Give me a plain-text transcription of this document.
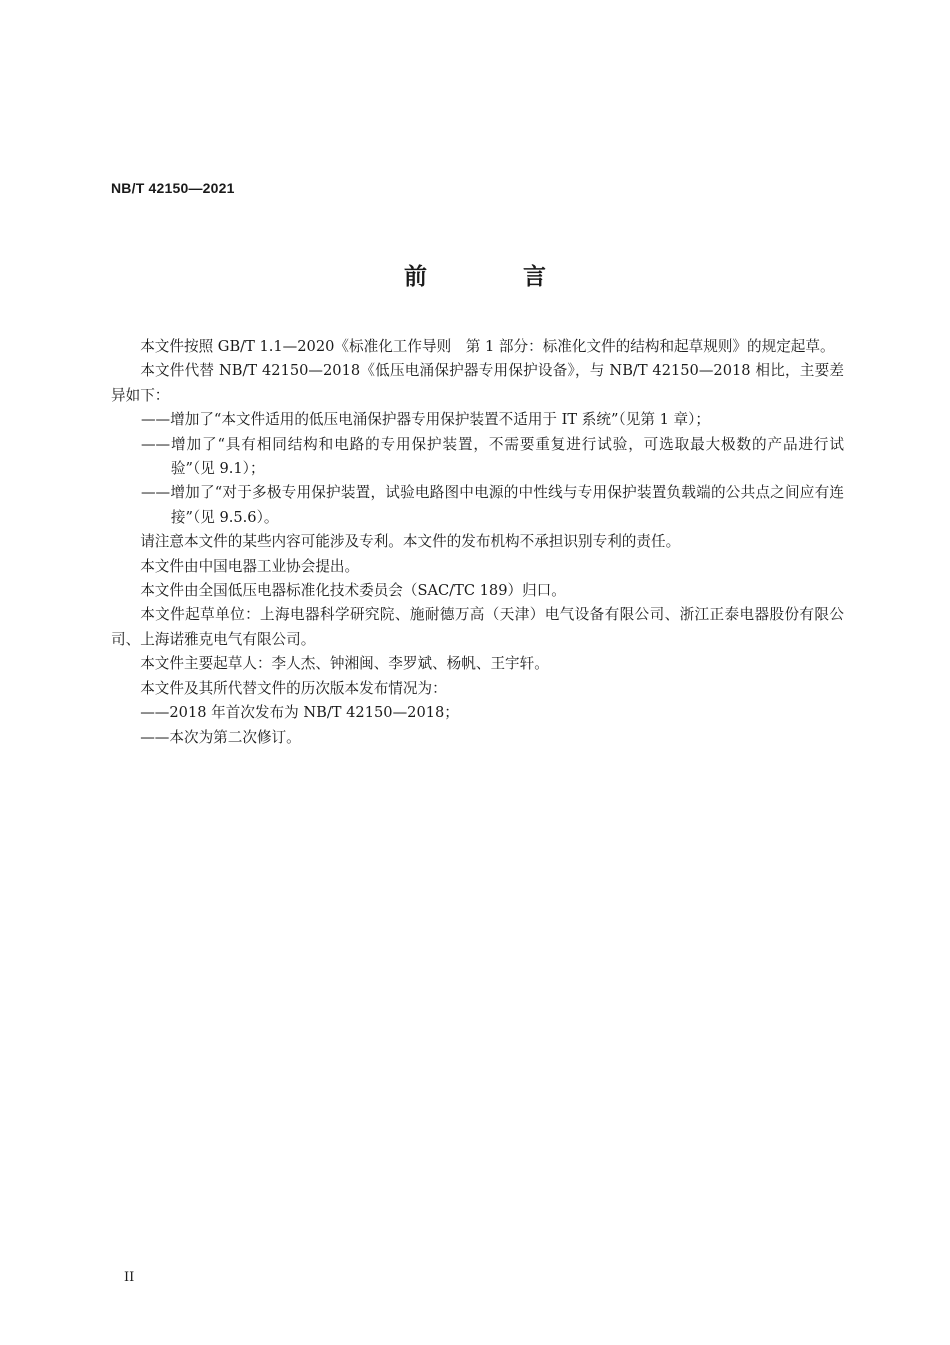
NB/T 42150—2021
前 言

本文件按照 GB/T 1.1—2020《标准化工作导则　第 1 部分：标准化文件的结构和起草规则》的规定起草。

本文件代替 NB/T 42150—2018《低压电涌保护器专用保护设备》，与 NB/T 42150—2018 相比，主要差异如下：

——增加了“本文件适用的低压电涌保护器专用保护装置不适用于 IT 系统”（见第 1 章）；

——增加了“具有相同结构和电路的专用保护装置，不需要重复进行试验，可选取最大极数的产品进行试验”（见 9.1）；

——增加了“对于多极专用保护装置，试验电路图中电源的中性线与专用保护装置负载端的公共点之间应有连接”（见 9.5.6）。

请注意本文件的某些内容可能涉及专利。本文件的发布机构不承担识别专利的责任。

本文件由中国电器工业协会提出。

本文件由全国低压电器标准化技术委员会（SAC/TC 189）归口。

本文件起草单位：上海电器科学研究院、施耐德万高（天津）电气设备有限公司、浙江正泰电器股份有限公司、上海诺雅克电气有限公司。

本文件主要起草人：李人杰、钟湘闽、李罗斌、杨帆、王宇轩。

本文件及其所代替文件的历次版本发布情况为：

——2018 年首次发布为 NB/T 42150—2018；

——本次为第二次修订。

II
